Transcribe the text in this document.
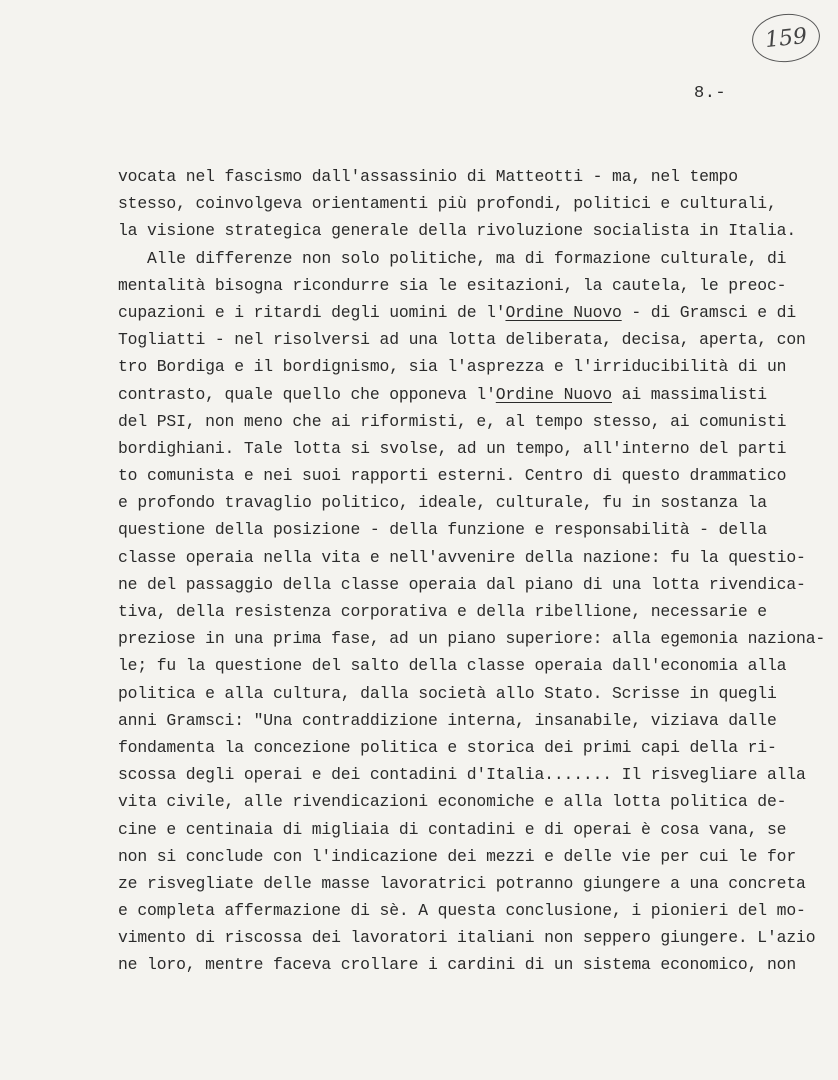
159
8.-
vocata nel fascismo dall'assassinio di Matteotti - ma, nel tempo
stesso, coinvolgeva orientamenti più profondi, politici e culturali,
la visione strategica generale della rivoluzione socialista in Italia.
Alle differenze non solo politiche, ma di formazione culturale, di
mentalità bisogna ricondurre sia le esitazioni, la cautela, le preoc-
cupazioni e i ritardi degli uomini de l'Ordine Nuovo - di Gramsci e di
Togliatti - nel risolversi ad una lotta deliberata, decisa, aperta, con
tro Bordiga e il bordignismo, sia l'asprezza e l'irriducibilità di un
contrasto, quale quello che opponeva l'Ordine Nuovo ai massimalisti
del PSI, non meno che ai riformisti, e, al tempo stesso, ai comunisti
bordighiani. Tale lotta si svolse, ad un tempo, all'interno del parti
to comunista e nei suoi rapporti esterni. Centro di questo drammatico
e profondo travaglio politico, ideale, culturale, fu in sostanza la
questione della posizione - della funzione e responsabilità - della
classe operaia nella vita e nell'avvenire della nazione: fu la questio-
ne del passaggio della classe operaia dal piano di una lotta rivendica-
tiva, della resistenza corporativa e della ribellione, necessarie e
preziose in una prima fase, ad un piano superiore: alla egemonia naziona-
le; fu la questione del salto della classe operaia dall'economia alla
politica e alla cultura, dalla società allo Stato. Scrisse in quegli
anni Gramsci: "Una contraddizione interna, insanabile, viziava dalle
fondamenta la concezione politica e storica dei primi capi della ri-
scossa degli operai e dei contadini d'Italia....... Il risvegliare alla
vita civile, alle rivendicazioni economiche e alla lotta politica de-
cine e centinaia di migliaia di contadini e di operai è cosa vana, se
non si conclude con l'indicazione dei mezzi e delle vie per cui le for
ze risvegliate delle masse lavoratrici potranno giungere a una concreta
e completa affermazione di sè. A questa conclusione, i pionieri del mo-
vimento di riscossa dei lavoratori italiani non seppero giungere. L'azio
ne loro, mentre faceva crollare i cardini di un sistema economico, non
